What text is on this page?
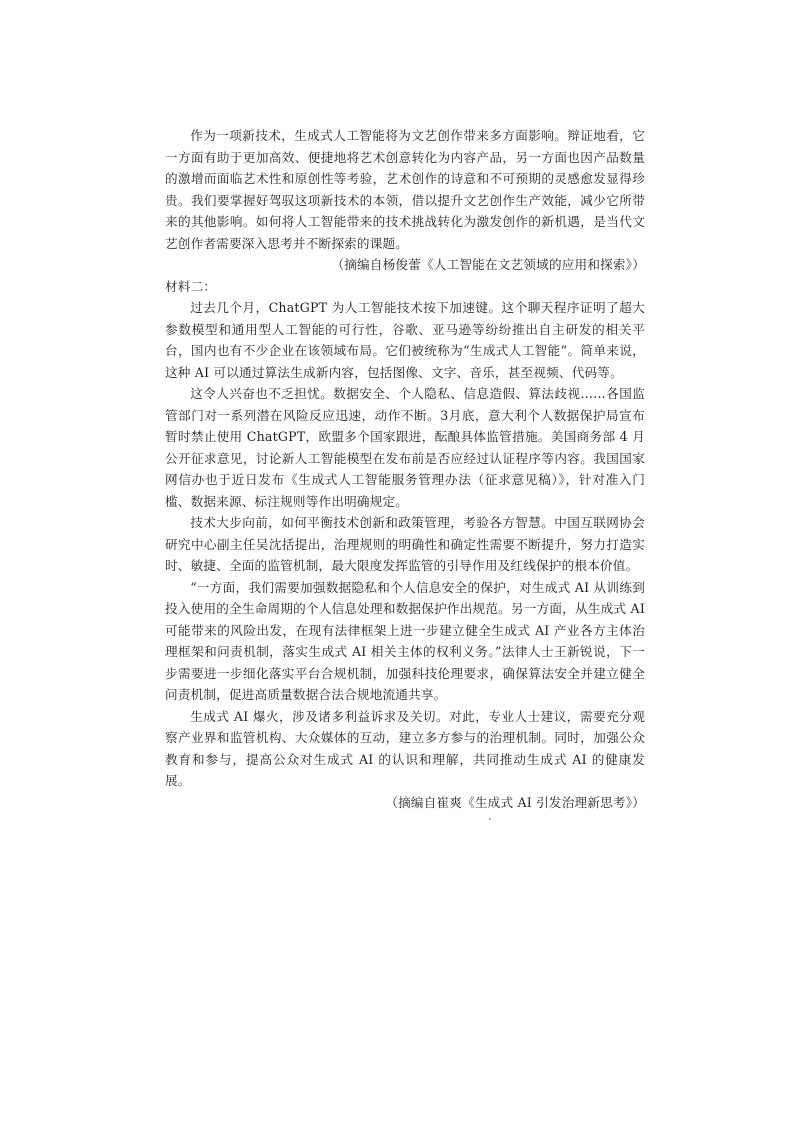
作为一项新技术，生成式人工智能将为文艺创作带来多方面影响。辩证地看，它一方面有助于更加高效、便捷地将艺术创意转化为内容产品，另一方面也因产品数量的激增而面临艺术性和原创性等考验，艺术创作的诗意和不可预期的灵感愈发显得珍贵。我们要掌握好驾驭这项新技术的本领，借以提升文艺创作生产效能，减少它所带来的其他影响。如何将人工智能带来的技术挑战转化为激发创作的新机遇，是当代文艺创作者需要深入思考并不断探索的课题。

（摘编自杨俊蕾《人工智能在文艺领域的应用和探索》）

材料二：

过去几个月，ChatGPT 为人工智能技术按下加速键。这个聊天程序证明了超大参数模型和通用型人工智能的可行性，谷歌、亚马逊等纷纷推出自主研发的相关平台，国内也有不少企业在该领域布局。它们被统称为“生成式人工智能”。简单来说，这种 AI 可以通过算法生成新内容，包括图像、文字、音乐，甚至视频、代码等。

这令人兴奋也不乏担忧。数据安全、个人隐私、信息造假、算法歧视……各国监管部门对一系列潜在风险反应迅速，动作不断。3月底，意大利个人数据保护局宣布暂时禁止使用 ChatGPT，欧盟多个国家跟进，酝酿具体监管措施。美国商务部 4 月公开征求意见，讨论新人工智能模型在发布前是否应经过认证程序等内容。我国国家网信办也于近日发布《生成式人工智能服务管理办法（征求意见稿）》，针对准入门槛、数据来源、标注规则等作出明确规定。

技术大步向前，如何平衡技术创新和政策管理，考验各方智慧。中国互联网协会研究中心副主任吴沈括提出，治理规则的明确性和确定性需要不断提升，努力打造实时、敏捷、全面的监管机制，最大限度发挥监管的引导作用及红线保护的根本价值。

“一方面，我们需要加强数据隐私和个人信息安全的保护，对生成式 AI 从训练到投入使用的全生命周期的个人信息处理和数据保护作出规范。另一方面，从生成式 AI 可能带来的风险出发，在现有法律框架上进一步建立健全生成式 AI 产业各方主体治理框架和问责机制，落实生成式 AI 相关主体的权利义务。”法律人士王新锐说，下一步需要进一步细化落实平台合规机制，加强科技伦理要求，确保算法安全并建立健全问责机制，促进高质量数据合法合规地流通共享。

生成式 AI 爆火，涉及诸多利益诉求及关切。对此，专业人士建议，需要充分观察产业界和监管机构、大众媒体的互动，建立多方参与的治理机制。同时，加强公众教育和参与，提高公众对生成式 AI 的认识和理解，共同推动生成式 AI 的健康发展。

（摘编自崔爽《生成式 AI 引发治理新思考》）
